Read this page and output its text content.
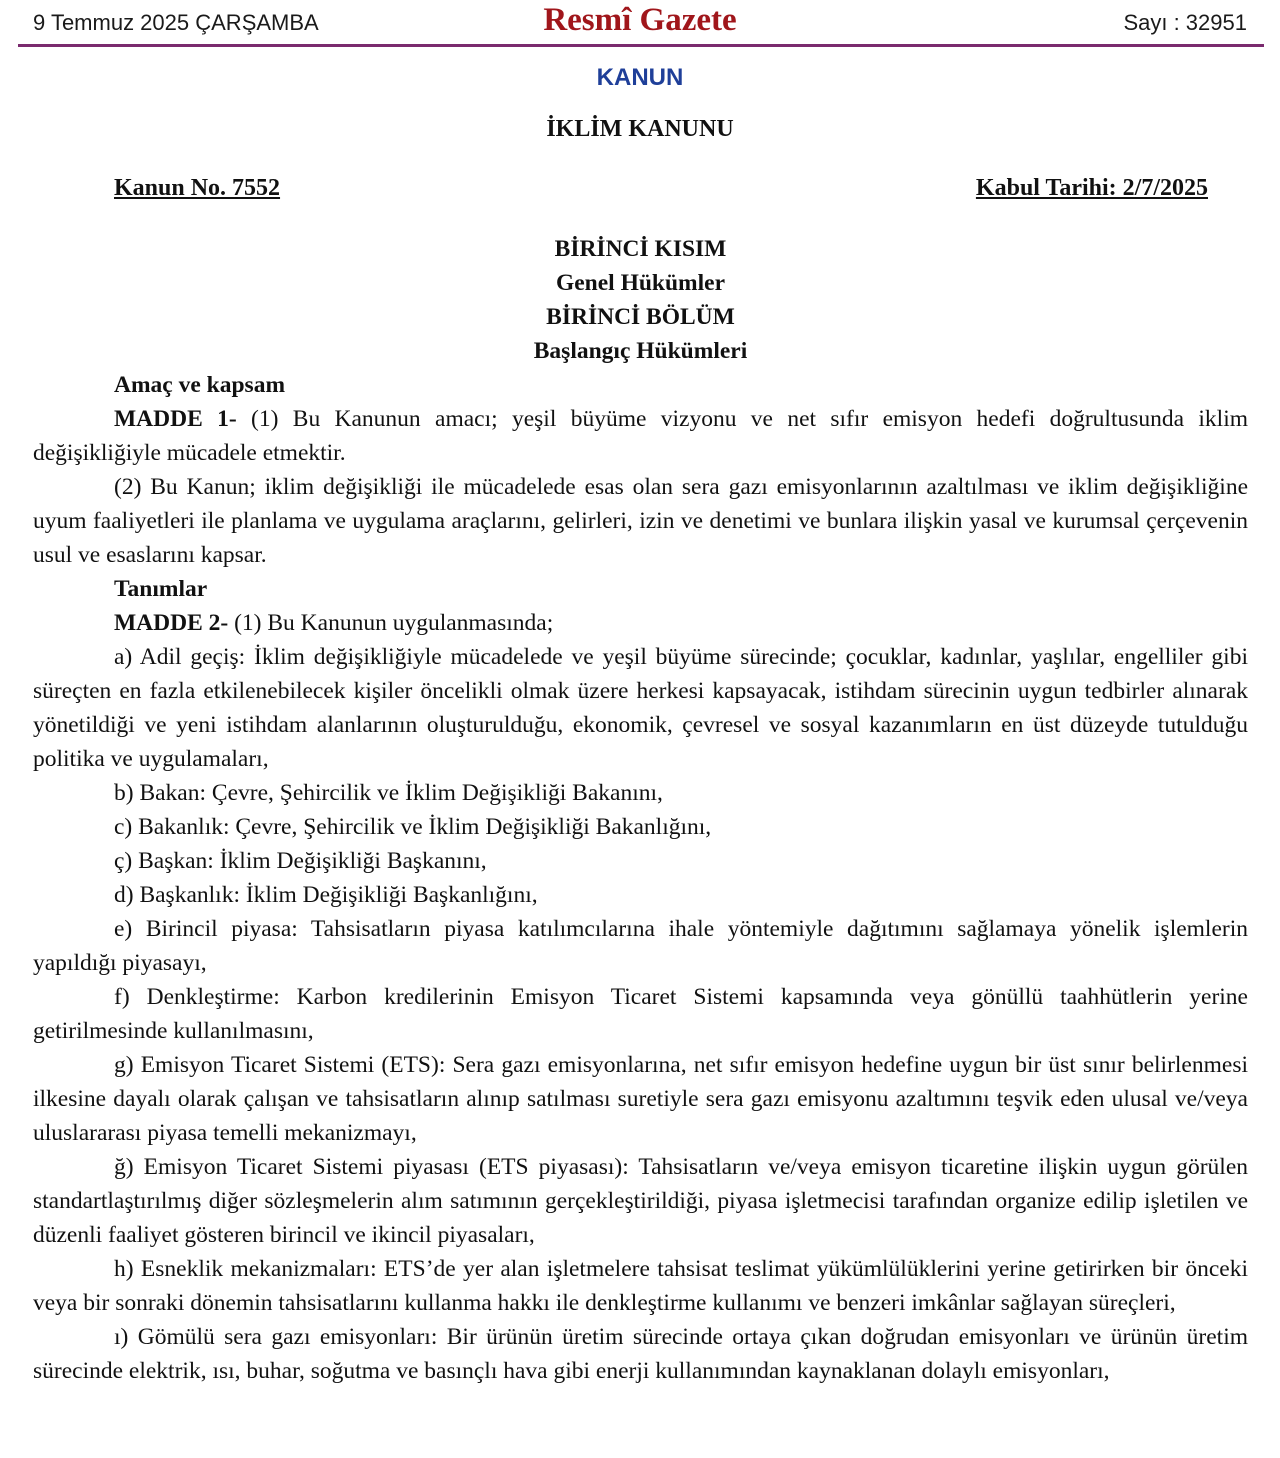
9 Temmuz 2025 ÇARŞAMBA	Resmî Gazete	Sayı : 32951
KANUN
İKLİM KANUNU
Kanun No. 7552	Kabul Tarihi: 2/7/2025
BİRİNCİ KISIM
Genel Hükümler
BİRİNCİ BÖLÜM
Başlangıç Hükümleri
Amaç ve kapsam

MADDE 1- (1) Bu Kanunun amacı; yeşil büyüme vizyonu ve net sıfır emisyon hedefi doğrultusunda iklim değişikliğiyle mücadele etmektir.

(2) Bu Kanun; iklim değişikliği ile mücadelede esas olan sera gazı emisyonlarının azaltılması ve iklim değişikliğine uyum faaliyetleri ile planlama ve uygulama araçlarını, gelirleri, izin ve denetimi ve bunlara ilişkin yasal ve kurumsal çerçevenin usul ve esaslarını kapsar.

Tanımlar

MADDE 2- (1) Bu Kanunun uygulanmasında;

a) Adil geçiş: İklim değişikliğiyle mücadelede ve yeşil büyüme sürecinde; çocuklar, kadınlar, yaşlılar, engelliler gibi süreçten en fazla etkilenebilecek kişiler öncelikli olmak üzere herkesi kapsayacak, istihdam sürecinin uygun tedbirler alınarak yönetildiği ve yeni istihdam alanlarının oluşturulduğu, ekonomik, çevresel ve sosyal kazanımların en üst düzeyde tutulduğu politika ve uygulamaları,

b) Bakan: Çevre, Şehircilik ve İklim Değişikliği Bakanını,

c) Bakanlık: Çevre, Şehircilik ve İklim Değişikliği Bakanlığını,

ç) Başkan: İklim Değişikliği Başkanını,

d) Başkanlık: İklim Değişikliği Başkanlığını,

e) Birincil piyasa: Tahsisatların piyasa katılımcılarına ihale yöntemiyle dağıtımını sağlamaya yönelik işlemlerin yapıldığı piyasayı,

f) Denkleştirme: Karbon kredilerinin Emisyon Ticaret Sistemi kapsamında veya gönüllü taahhütlerin yerine getirilmesinde kullanılmasını,

g) Emisyon Ticaret Sistemi (ETS): Sera gazı emisyonlarına, net sıfır emisyon hedefine uygun bir üst sınır belirlenmesi ilkesine dayalı olarak çalışan ve tahsisatların alınıp satılması suretiyle sera gazı emisyonu azaltımını teşvik eden ulusal ve/veya uluslararası piyasa temelli mekanizmayı,

ğ) Emisyon Ticaret Sistemi piyasası (ETS piyasası): Tahsisatların ve/veya emisyon ticaretine ilişkin uygun görülen standartlaştırılmış diğer sözleşmelerin alım satımının gerçekleştirildiği, piyasa işletmecisi tarafından organize edilip işletilen ve düzenli faaliyet gösteren birincil ve ikincil piyasaları,

h) Esneklik mekanizmaları: ETS’de yer alan işletmelere tahsisat teslimat yükümlülüklerini yerine getirirken bir önceki veya bir sonraki dönemin tahsisatlarını kullanma hakkı ile denkleştirme kullanımı ve benzeri imkânlar sağlayan süreçleri,

ı) Gömülü sera gazı emisyonları: Bir ürünün üretim sürecinde ortaya çıkan doğrudan emisyonları ve ürünün üretim sürecinde elektrik, ısı, buhar, soğutma ve basınçlı hava gibi enerji kullanımından kaynaklanan dolaylı emisyonları,
